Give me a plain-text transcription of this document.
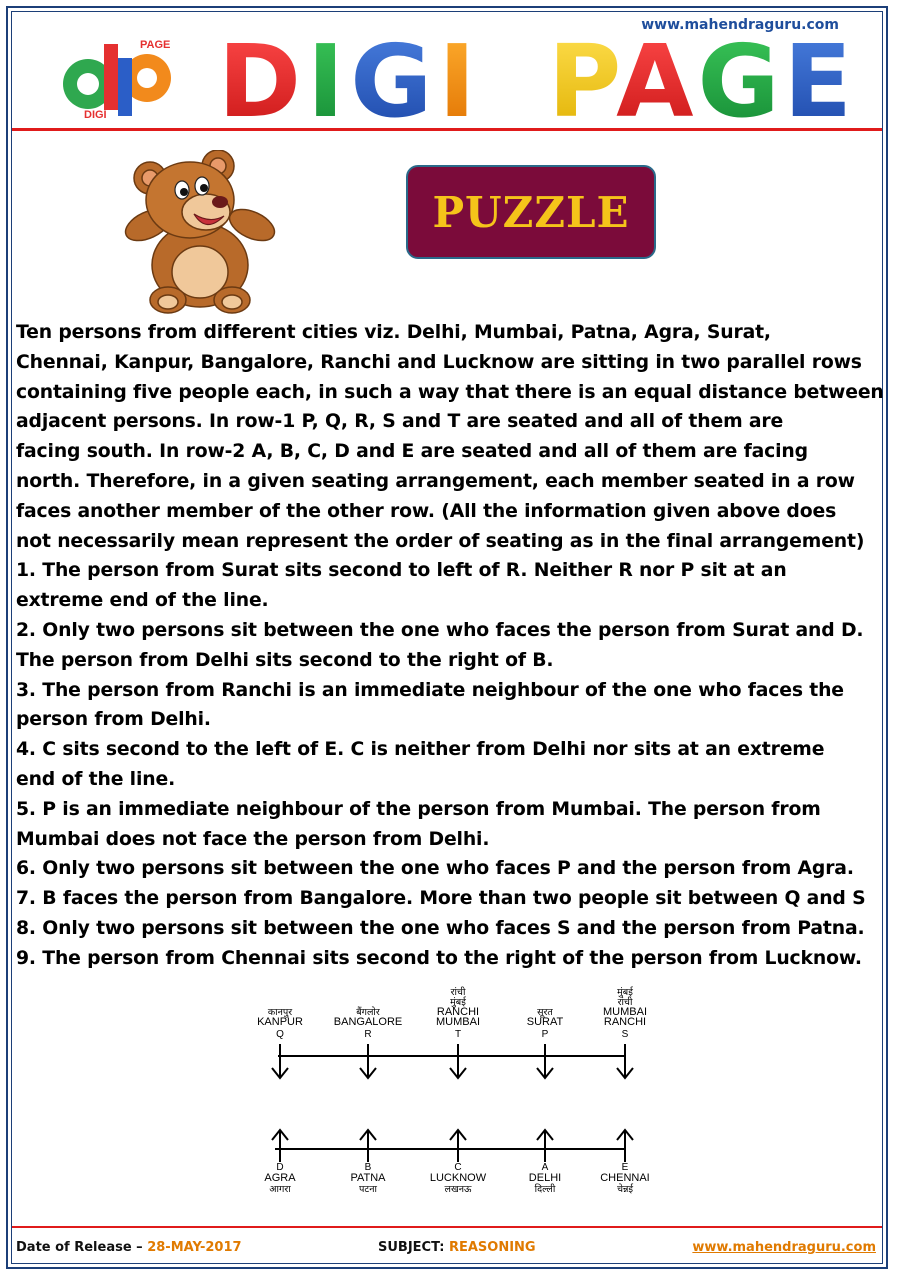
www.mahendraguru.com
PAGE
DIGI DIGI PAGE
PUZZLE

Ten persons from different cities viz. Delhi, Mumbai, Patna, Agra, Surat,

Chennai, Kanpur, Bangalore, Ranchi and Lucknow are sitting in two parallel rows

containing five people each, in such a way that there is an equal distance between

adjacent persons. In row-1 P, Q, R, S and T are seated and all of them are

facing south. In row-2 A, B, C, D and E are seated and all of them are facing

north. Therefore, in a given seating arrangement, each member seated in a row

faces another member of the other row. (All the information given above does

not necessarily mean represent the order of seating as in the final arrangement)

1. The person from Surat sits second to left of R. Neither R nor P sit at an

extreme end of the line.

2. Only two persons sit between the one who faces the person from Surat and D.

The person from Delhi sits second to the right of B.

3. The person from Ranchi is an immediate neighbour of the one who faces the

person from Delhi.

4. C sits second to the left of E. C is neither from Delhi nor sits at an extreme

end of the line.

5. P is an immediate neighbour of the person from Mumbai. The person from

Mumbai does not face the person from Delhi.

6. Only two persons sit between the one who faces P and the person from Agra.

7. B faces the person from Bangalore. More than two people sit between Q and S

8. Only two persons sit between the one who faces S and the person from Patna.

9. The person from Chennai sits second to the right of the person from Lucknow.

Q
KANPUR
कानपुर
R
BANGALORE
बैंगलोर
T
MUMBAI
RANCHI
मुंबई
रांची
P
SURAT
सूरत
S
RANCHI
MUMBAI
रांची
मुंबई
D
AGRA
आगरा
B
PATNA
पटना
C
LUCKNOW
लखनऊ
A
DELHI
दिल्ली
E
CHENNAI
चेन्नई
Date of Release – 28-MAY-2017	SUBJECT: REASONING	www.mahendraguru.com
